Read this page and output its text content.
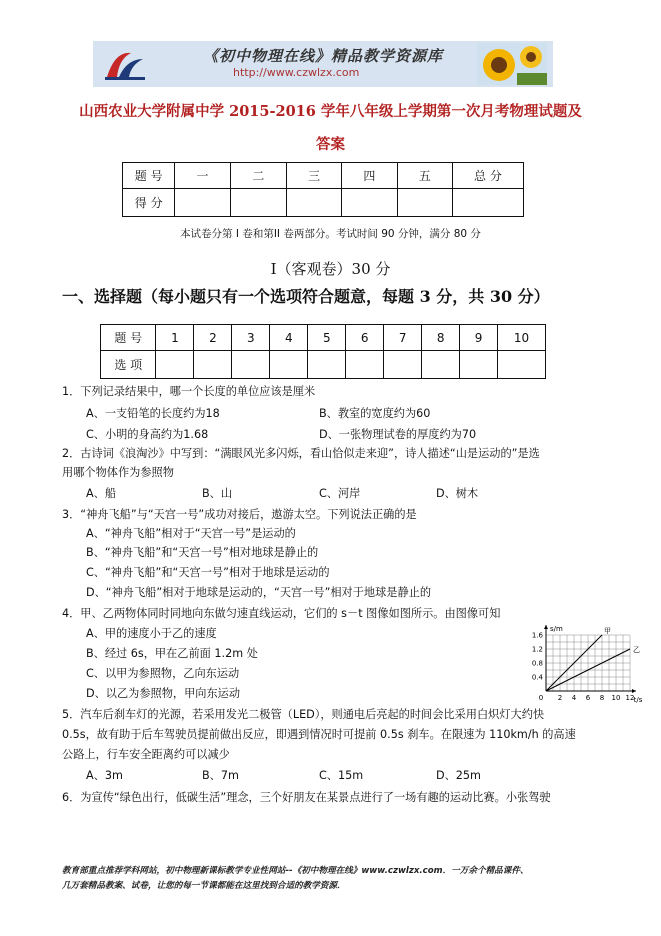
《初中物理在线》精品教学资源库
http://www.czwlzx.com
山西农业大学附属中学 2015-2016 学年八年级上学期第一次月考物理试题及
答案
题 号	一	二	三	四	五	总 分
得 分						
本试卷分第 I 卷和第II 卷两部分。考试时间 90 分钟，满分 80 分
Ⅰ（客观卷）30 分
一、选择题（每小题只有一个选项符合题意，每题 3 分，共 30 分）
题 号	1	2	3	4	5	6	7	8	9	10
选 项										
1．下列记录结果中，哪一个长度的单位应该是厘米
A、一支铅笔的长度约为18	B、教室的宽度约为60
C、小明的身高约为1.68	D、一张物理试卷的厚度约为70
2．古诗词《浪淘沙》中写到：“满眼风光多闪烁，看山恰似走来迎”，诗人描述“山是运动的”是选
用哪个物体作为参照物
A、船	B、山	C、河岸	D、树木
3．“神舟飞船”与“天宫一号”成功对接后，遨游太空。下列说法正确的是
A、“神舟飞船”相对于“天宫一号”是运动的
B、“神舟飞船”和“天宫一号”相对地球是静止的
C、“神舟飞船”和“天宫一号”相对于地球是运动的
D、“神舟飞船”相对于地球是运动的，“天宫一号”相对于地球是静止的
4．甲、乙两物体同时同地向东做匀速直线运动，它们的 s－t 图像如图所示。由图像可知
A、甲的速度小于乙的速度
B、经过 6s，甲在乙前面 1.2m 处
C、以甲为参照物，乙向东运动
D、以乙为参照物，甲向东运动	2 4 6 8 10 12
0.4
0.8
1.2
1.6
0
s/m
t/s
甲
乙
5．汽车后刹车灯的光源，若采用发光二极管（LED），则通电后亮起的时间会比采用白炽灯大约快
0.5s，故有助于后车驾驶员提前做出反应，即遇到情况时可提前 0.5s 刹车。在限速为 110km/h 的高速
公路上，行车安全距离约可以减少
A、3m	B、7m	C、15m	D、25m
6．为宣传“绿色出行，低碳生活”理念，三个好朋友在某景点进行了一场有趣的运动比赛。小张驾驶
教育部重点推荐学科网站，初中物理新课标教学专业性网站--《初中物理在线》www.czwlzx.com．一万余个精品课件、
几万套精品教案、试卷，让您的每一节课都能在这里找到合适的教学资源．
